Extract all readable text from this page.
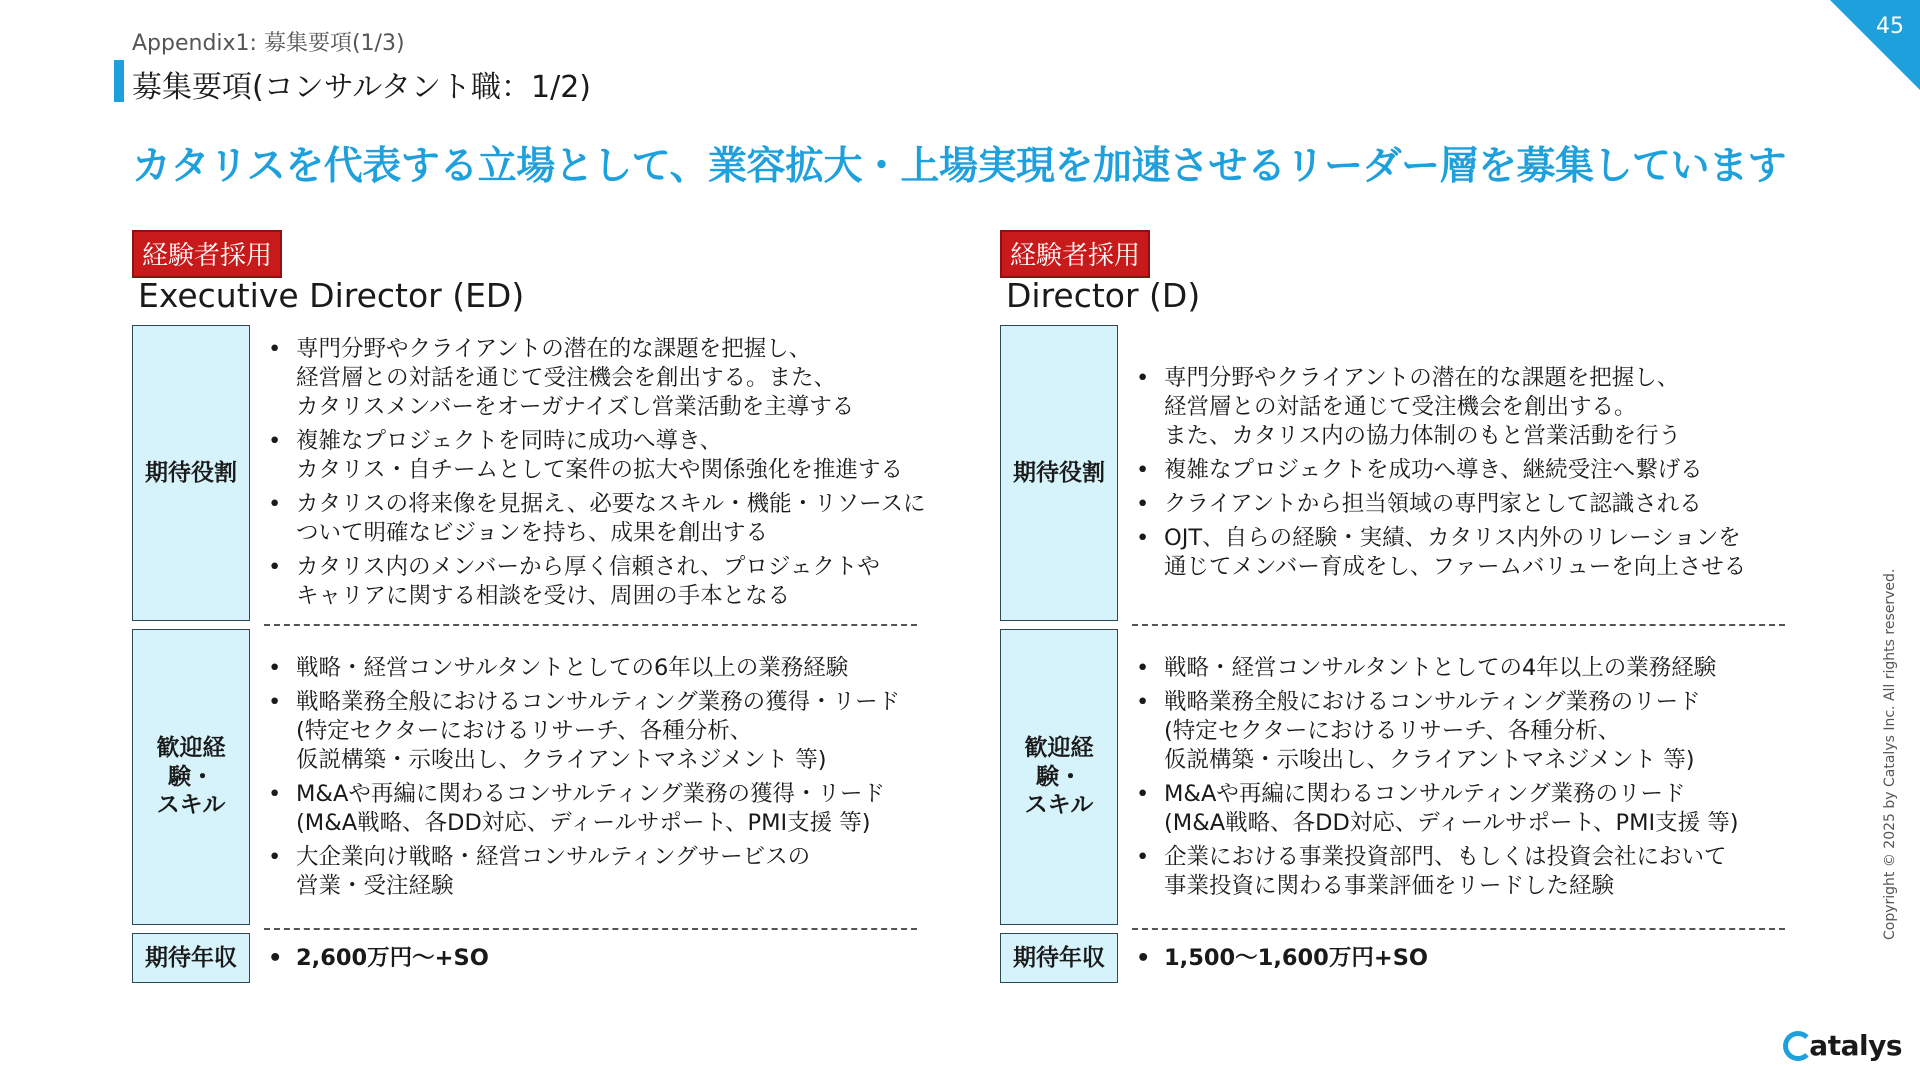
45
Appendix1: 募集要項(1/3)
募集要項(コンサルタント職：1/2)
カタリスを代表する立場として、業容拡大・上場実現を加速させるリーダー層を募集しています
経験者採用
Executive Director (ED)
期待役割
• 専門分野やクライアントの潜在的な課題を把握し、
経営層との対話を通じて受注機会を創出する。また、
カタリスメンバーをオーガナイズし営業活動を主導する
• 複雑なプロジェクトを同時に成功へ導き、
カタリス・自チームとして案件の拡大や関係強化を推進する
• カタリスの将来像を見据え、必要なスキル・機能・リソースに
ついて明確なビジョンを持ち、成果を創出する
• カタリス内のメンバーから厚く信頼され、プロジェクトや
キャリアに関する相談を受け、周囲の手本となる
歓迎経験・
スキル
• 戦略・経営コンサルタントとしての6年以上の業務経験
• 戦略業務全般におけるコンサルティング業務の獲得・リード
(特定セクターにおけるリサーチ、各種分析、
仮説構築・示唆出し、クライアントマネジメント 等)
• M&Aや再編に関わるコンサルティング業務の獲得・リード
(M&A戦略、各DD対応、ディールサポート、PMI支援 等)
• 大企業向け戦略・経営コンサルティングサービスの
営業・受注経験
期待年収	• 2,600万円～+SO
経験者採用
Director (D)
期待役割
• 専門分野やクライアントの潜在的な課題を把握し、
経営層との対話を通じて受注機会を創出する。
また、カタリス内の協力体制のもと営業活動を行う
• 複雑なプロジェクトを成功へ導き、継続受注へ繋げる
• クライアントから担当領域の専門家として認識される
• OJT、自らの経験・実績、カタリス内外のリレーションを
通じてメンバー育成をし、ファームバリューを向上させる
歓迎経験・
スキル
• 戦略・経営コンサルタントとしての4年以上の業務経験
• 戦略業務全般におけるコンサルティング業務のリード
(特定セクターにおけるリサーチ、各種分析、
仮説構築・示唆出し、クライアントマネジメント 等)
• M&Aや再編に関わるコンサルティング業務のリード
(M&A戦略、各DD対応、ディールサポート、PMI支援 等)
• 企業における事業投資部門、もしくは投資会社において
事業投資に関わる事業評価をリードした経験
期待年収	• 1,500～1,600万円+SO
Copyright © 2025 by Catalys Inc. All rights reserved.
atalys
